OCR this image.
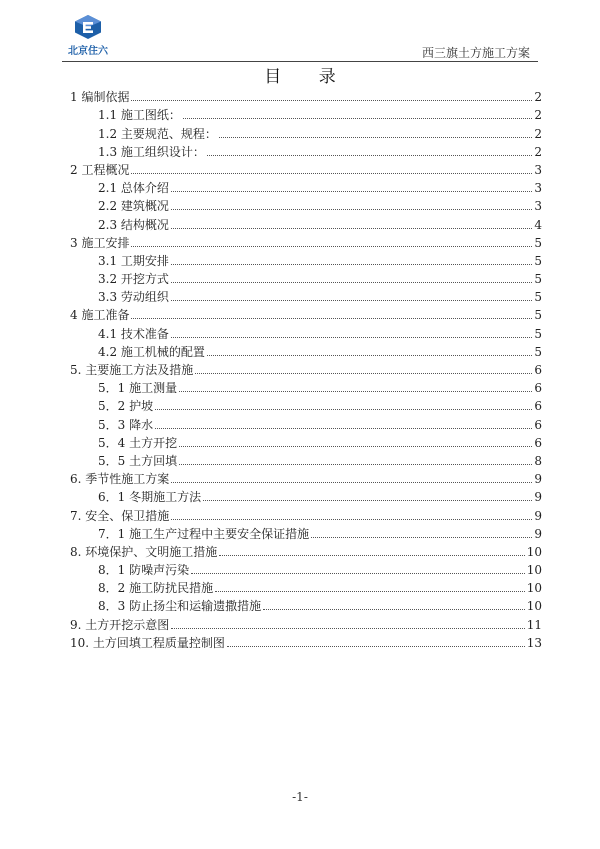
北京住六	西三旗土方施工方案
目 录
1 编制依据	2
1.1 施工图纸：	2
1.2 主要规范、规程：	2
1.3 施工组织设计：	2
2 工程概况	3
2.1 总体介绍	3
2.2 建筑概况	3
2.3 结构概况	4
3 施工安排	5
3.1 工期安排	5
3.2 开挖方式	5
3.3 劳动组织	5
4 施工准备	5
4.1 技术准备	5
4.2 施工机械的配置	5
5. 主要施工方法及措施	6
5．1 施工测量	6
5．2 护坡	6
5．3 降水	6
5．4 土方开挖	6
5．5 土方回填	8
6. 季节性施工方案	9
6．1 冬期施工方法	9
7. 安全、保卫措施	9
7．1 施工生产过程中主要安全保证措施	9
8. 环境保护、文明施工措施	10
8．1 防噪声污染	10
8．2 施工防扰民措施	10
8．3 防止扬尘和运输遗撒措施	10
9. 土方开挖示意图	11
10. 土方回填工程质量控制图	13
-1-
